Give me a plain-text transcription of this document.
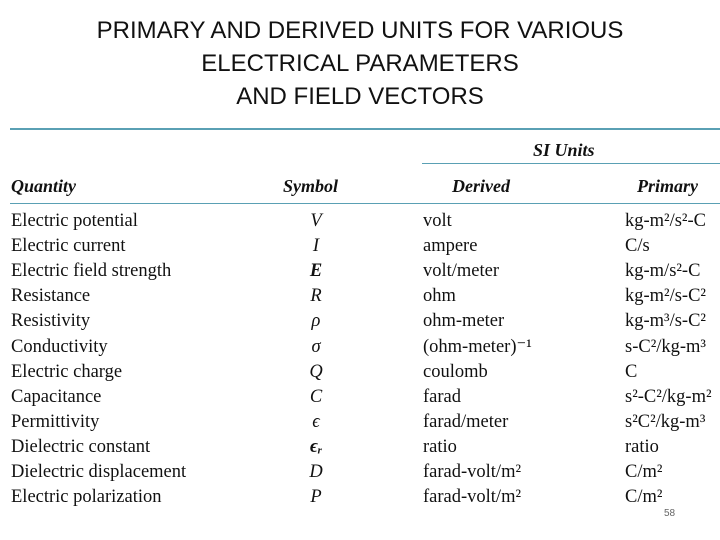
PRIMARY AND DERIVED UNITS FOR VARIOUS
ELECTRICAL PARAMETERS
AND FIELD VECTORS
SI Units
Quantity	Symbol	Derived	Primary
Electric potential	V	volt	kg-m²/s²-C
Electric current	I	ampere	C/s
Electric field strength	E	volt/meter	kg-m/s²-C
Resistance	R	ohm	kg-m²/s-C²
Resistivity	ρ	ohm-meter	kg-m³/s-C²
Conductivity	σ	(ohm-meter)⁻¹	s-C²/kg-m³
Electric charge	Q	coulomb	C
Capacitance	C	farad	s²-C²/kg-m²
Permittivity	ϵ	farad/meter	s²C²/kg-m³
Dielectric constant	ϵᵣ	ratio	ratio
Dielectric displacement	D	farad-volt/m²	C/m²
Electric polarization	P	farad-volt/m²	C/m²
58
